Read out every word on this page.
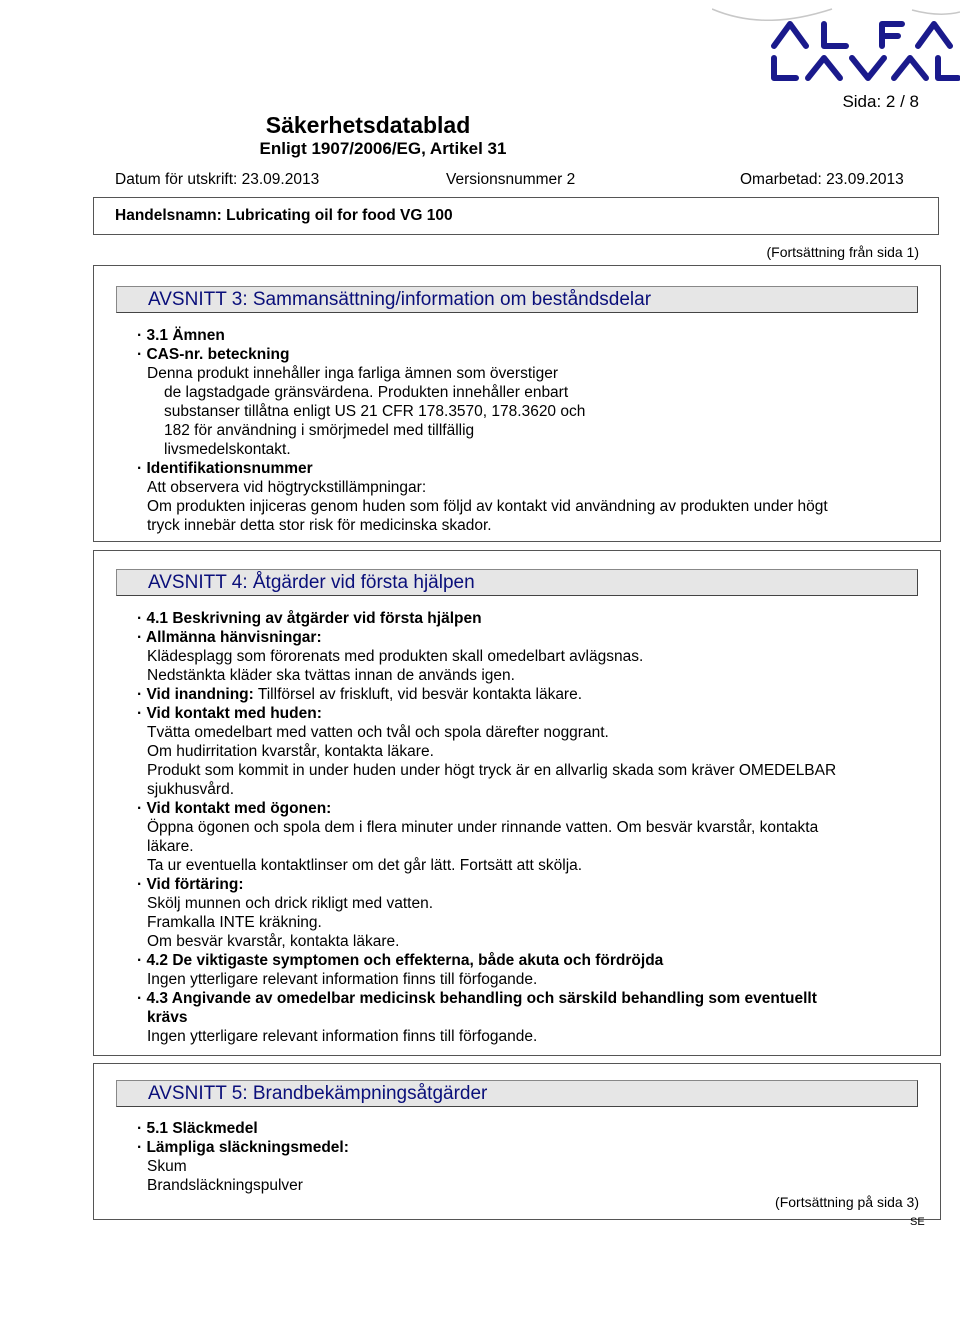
Sida: 2 / 8
Säkerhetsdatablad
Enligt 1907/2006/EG, Artikel 31
Datum för utskrift: 23.09.2013	Versionsnummer 2	Omarbetad: 23.09.2013
Handelsnamn: Lubricating oil for food VG 100
(Fortsättning från sida 1)
AVSNITT 3: Sammansättning/information om beståndsdelar
· 3.1 Ämnen
· CAS-nr. beteckning
Denna produkt innehåller inga farliga ämnen som överstiger
de lagstadgade gränsvärdena. Produkten innehåller enbart
substanser tillåtna enligt US 21 CFR 178.3570, 178.3620 och
182 för användning i smörjmedel med tillfällig
livsmedelskontakt.
· Identifikationsnummer
Att observera vid högtryckstillämpningar:
Om produkten injiceras genom huden som följd av kontakt vid användning av produkten under högt
tryck innebär detta stor risk för medicinska skador.
AVSNITT 4: Åtgärder vid första hjälpen
· 4.1 Beskrivning av åtgärder vid första hjälpen
· Allmänna hänvisningar:
Klädesplagg som förorenats med produkten skall omedelbart avlägsnas.
Nedstänkta kläder ska tvättas innan de används igen.
· Vid inandning: Tillförsel av friskluft, vid besvär kontakta läkare.
· Vid kontakt med huden:
Tvätta omedelbart med vatten och tvål och spola därefter noggrant.
Om hudirritation kvarstår, kontakta läkare.
Produkt som kommit in under huden under högt tryck är en allvarlig skada som kräver OMEDELBAR
sjukhusvård.
· Vid kontakt med ögonen:
Öppna ögonen och spola dem i flera minuter under rinnande vatten. Om besvär kvarstår, kontakta
läkare.
Ta ur eventuella kontaktlinser om det går lätt. Fortsätt att skölja.
· Vid förtäring:
Skölj munnen och drick rikligt med vatten.
Framkalla INTE kräkning.
Om besvär kvarstår, kontakta läkare.
· 4.2 De viktigaste symptomen och effekterna, både akuta och fördröjda
Ingen ytterligare relevant information finns till förfogande.
· 4.3 Angivande av omedelbar medicinsk behandling och särskild behandling som eventuellt
krävs
Ingen ytterligare relevant information finns till förfogande.
AVSNITT 5: Brandbekämpningsåtgärder
· 5.1 Släckmedel
· Lämpliga släckningsmedel:
Skum
Brandsläckningspulver
(Fortsättning på sida 3)
SE
